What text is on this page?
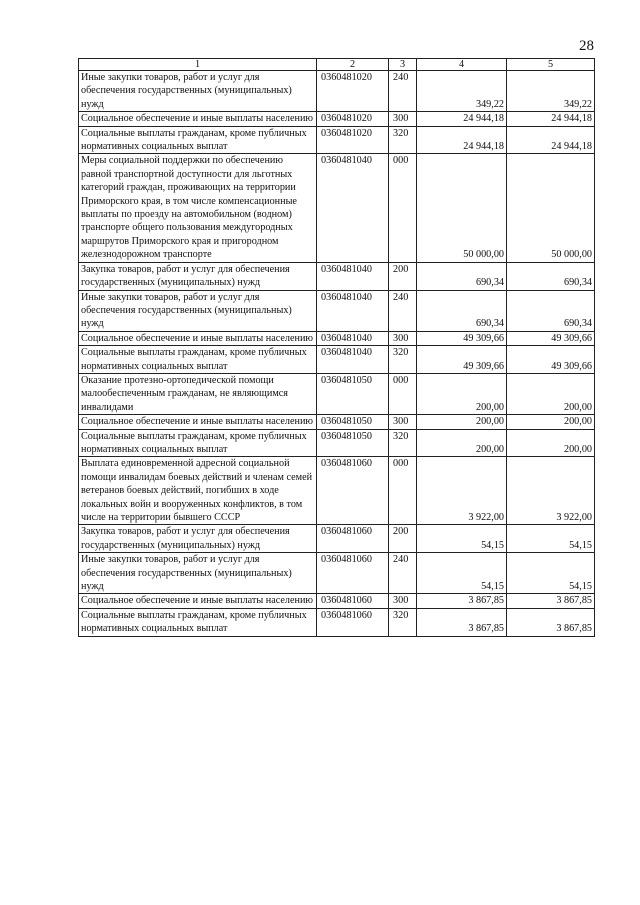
28
1	2	3	4	5
Иные закупки товаров, работ и услуг для обеспечения государственных (муниципальных) нужд	0360481020	240	349,22	349,22
Социальное обеспечение и иные выплаты населению	0360481020	300	24 944,18	24 944,18
Социальные выплаты гражданам, кроме публичных нормативных социальных выплат	0360481020	320	24 944,18	24 944,18
Меры социальной поддержки по обеспечению равной транспортной доступности для льготных категорий граждан, проживающих на территории Приморского края, в том числе компенсационные выплаты по проезду на автомобильном (водном) транспорте общего пользования междугородных маршрутов Приморского края и пригородном железнодорожном транспорте	0360481040	000	50 000,00	50 000,00
Закупка товаров, работ и услуг для обеспечения государственных (муниципальных) нужд	0360481040	200	690,34	690,34
Иные закупки товаров, работ и услуг для обеспечения государственных (муниципальных) нужд	0360481040	240	690,34	690,34
Социальное обеспечение и иные выплаты населению	0360481040	300	49 309,66	49 309,66
Социальные выплаты гражданам, кроме публичных нормативных социальных выплат	0360481040	320	49 309,66	49 309,66
Оказание протезно-ортопедической помощи малообеспеченным гражданам, не являющимся инвалидами	0360481050	000	200,00	200,00
Социальное обеспечение и иные выплаты населению	0360481050	300	200,00	200,00
Социальные выплаты гражданам, кроме публичных нормативных социальных выплат	0360481050	320	200,00	200,00
Выплата единовременной адресной социальной помощи инвалидам боевых действий и членам семей ветеранов боевых действий, погибших в ходе локальных войн и вооруженных конфликтов, в том числе на территории бывшего СССР	0360481060	000	3 922,00	3 922,00
Закупка товаров, работ и услуг для обеспечения государственных (муниципальных) нужд	0360481060	200	54,15	54,15
Иные закупки товаров, работ и услуг для обеспечения государственных (муниципальных) нужд	0360481060	240	54,15	54,15
Социальное обеспечение и иные выплаты населению	0360481060	300	3 867,85	3 867,85
Социальные выплаты гражданам, кроме публичных нормативных социальных выплат	0360481060	320	3 867,85	3 867,85
